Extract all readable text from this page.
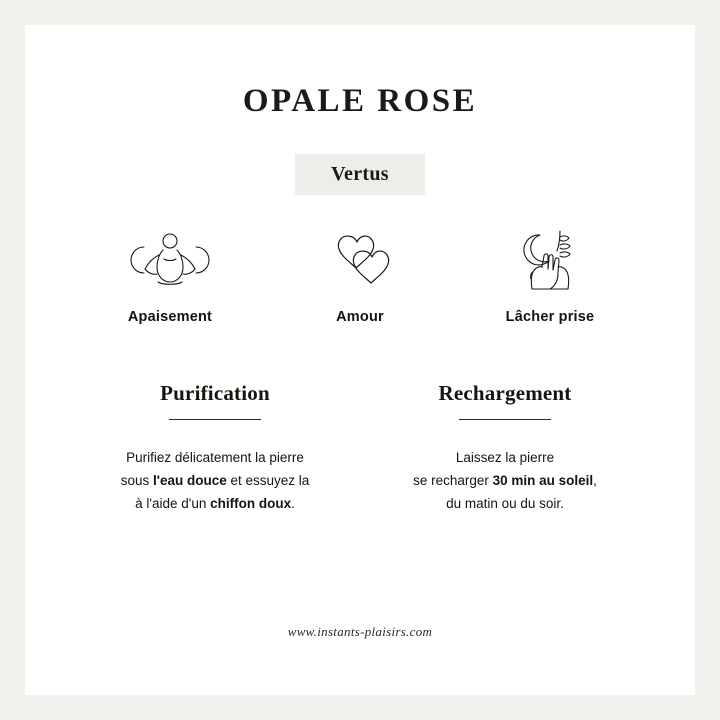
OPALE ROSE
Vertus
Apaisement	Amour	Lâcher prise
Purification
Purifiez délicatement la pierre
sous l'eau douce et essuyez la
à l'aide d'un chiffon doux.
Rechargement
Laissez la pierre
se recharger 30 min au soleil,
du matin ou du soir.
www.instants-plaisirs.com
